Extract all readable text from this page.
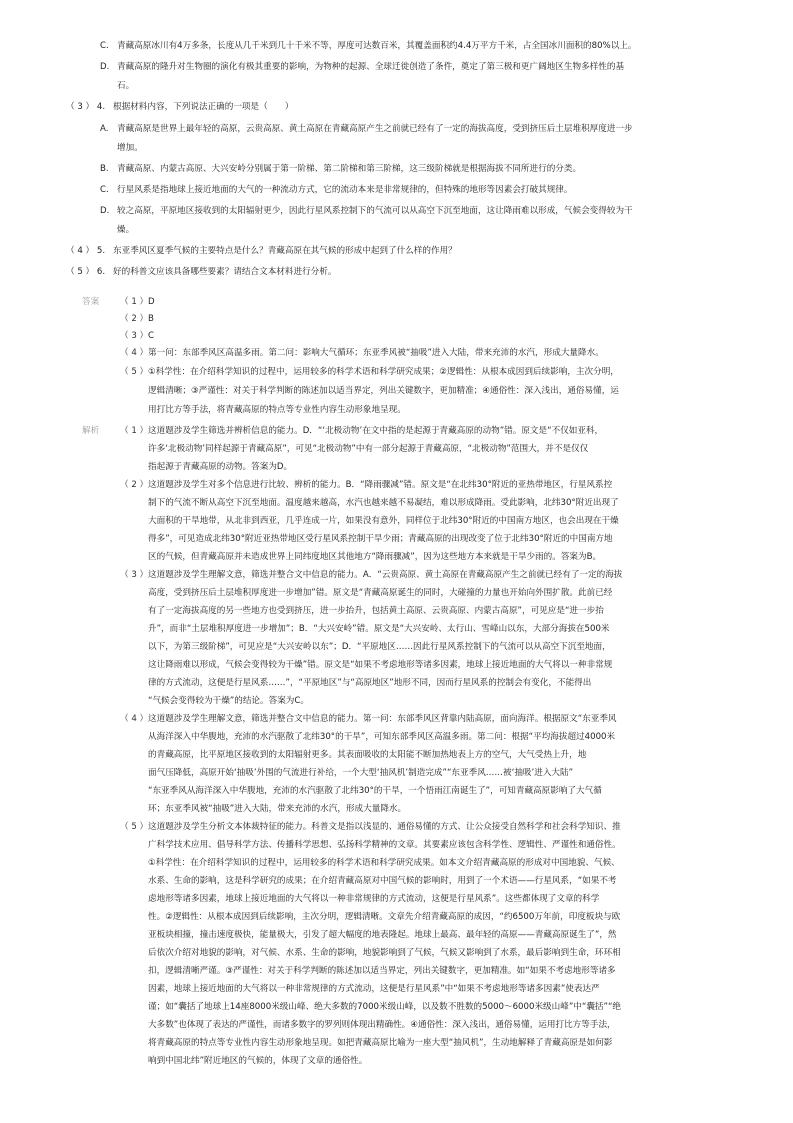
C. 青藏高原冰川有4万多条，长度从几千米到几十千米不等，厚度可达数百米，其覆盖面积约4.4万平方千米，占全国冰川面积的80%以上。
D. 青藏高原的隆升对生物圈的演化有极其重要的影响，为物种的起源、全球迁徙创造了条件，奠定了第三极和更广阔地区生物多样性的基
石。
（ 3 ） 4. 根据材料内容，下列说法正确的一项是（　　）
A. 青藏高原是世界上最年轻的高原，云贵高原、黄土高原在青藏高原产生之前就已经有了一定的海拔高度，受到挤压后土层堆积厚度进一步
增加。
B. 青藏高原、内蒙古高原、大兴安岭分别属于第一阶梯、第二阶梯和第三阶梯，这三级阶梯就是根据海拔不同所进行的分类。
C. 行星风系是指地球上接近地面的大气的一种流动方式，它的流动本来是非常规律的，但特殊的地形等因素会打破其规律。
D. 较之高原，平原地区接收到的太阳辐射更少，因此行星风系控制下的气流可以从高空下沉至地面，这让降雨难以形成，气候会变得较为干
燥。
（ 4 ） 5. 东亚季风区夏季气候的主要特点是什么？青藏高原在其气候的形成中起到了什么样的作用？
（ 5 ） 6. 好的科普文应该具备哪些要素？请结合文本材料进行分析。
答案 （ 1 ） D
（ 2 ） B
（ 3 ） C
（ 4 ） 第一问：东部季风区高温多雨。第二问：影响大气循环；东亚季风被“抽吸”进入大陆，带来充沛的水汽，形成大量降水。
（ 5 ） ①科学性：在介绍科学知识的过程中，运用较多的科学术语和科学研究成果；②逻辑性：从根本成因到后续影响，主次分明，
逻辑清晰；③严谨性：对关于科学判断的陈述加以适当界定，列出关键数字，更加精准；④通俗性：深入浅出，通俗易懂，运
用打比方等手法，将青藏高原的特点等专业性内容生动形象地呈现。
解析 （ 1 ） 这道题涉及学生筛选并辨析信息的能力。D．“‘北极动物’在文中指的是起源于青藏高原的动物”错。原文是“不仅如亚科，
许多‘北极动物’同样起源于青藏高原”，可见“北极动物”中有一部分起源于青藏高原，“北极动物”范围大，并不是仅仅
指起源于青藏高原的动物。答案为D。
（ 2 ） 这道题涉及学生对多个信息进行比较、辨析的能力。B．“降雨骤减”错。原文是“在北纬30°附近的亚热带地区，行星风系控
制下的气流不断从高空下沉至地面。温度越来越高，水汽也越来越不易凝结，难以形成降雨。受此影响，北纬30°附近出现了
大面积的干旱地带，从北非到西亚，几乎连成一片，如果没有意外，同样位于北纬30°附近的中国南方地区，也会出现在干燥
得多”，可见造成北纬30°附近亚热带地区受行星风系控制干旱少雨；青藏高原的出现改变了位于北纬30°附近的中国南方地
区的气候，但青藏高原并未造成世界上同纬度地区其他地方“降雨骤减”，因为这些地方本来就是干旱少雨的。答案为B。
（ 3 ） 这道题涉及学生理解文意，筛选并整合文中信息的能力。A．“云贵高原、黄土高原在青藏高原产生之前就已经有了一定的海拔
高度，受到挤压后土层堆积厚度进一步增加”错。原文是“青藏高原诞生的同时，大碰撞的力量也开始向外围扩散。此前已经
有了一定海拔高度的另一些地方也受到挤压，进一步抬升，包括黄土高原、云贵高原、内蒙古高原”，可见应是“进一步抬
升”，而非“土层堆积厚度进一步增加”；B．“大兴安岭”错。原文是“大兴安岭、太行山、雪峰山以东，大部分海拔在500米
以下，为第三级阶梯”，可见应是“大兴安岭以东”；D．“平原地区……因此行星风系控制下的气流可以从高空下沉至地面，
这让降雨难以形成，气候会变得较为干燥”错。原文是“如果不考虑地形等诸多因素，地球上接近地面的大气将以一种非常规
律的方式流动，这便是行星风系……”，“平原地区”与“高原地区”地形不同，因而行星风系的控制会有变化，不能得出
“气候会变得较为干燥”的结论。答案为C。
（ 4 ） 这道题涉及学生理解文意，筛选并整合文中信息的能力。第一问：东部季风区背靠内陆高原，面向海洋。根据原文“东亚季风
从海洋深入中华腹地，充沛的水汽驱散了北纬30°的干旱”，可知东部季风区高温多雨。第二问：根据“平均海拔超过4000米
的青藏高原，比平原地区接收到的太阳辐射更多。其表面吸收的太阳能不断加热地表上方的空气，大气受热上升，地
面气压降低，高原开始‘抽吸’外围的气流进行补给，一个大型‘抽风机’制造完成”“东亚季风……被‘抽吸’进入大陆”
“东亚季风从海洋深入中华腹地，充沛的水汽驱散了北纬30°的干旱，一个悟雨江南诞生了”，可知青藏高原影响了大气循
环；东亚季风被“抽吸”进入大陆，带来充沛的水汽，形成大量降水。
（ 5 ） 这道题涉及学生分析文本体裁特征的能力。科普文是指以浅显的、通俗易懂的方式、让公众接受自然科学和社会科学知识、推
广科学技术应用、倡导科学方法、传播科学思想、弘扬科学精神的文章。其要素应该包含科学性、逻辑性、严谨性和通俗性。
①科学性：在介绍科学知识的过程中，运用较多的科学术语和科学研究成果。如本文介绍青藏高原的形成对中国地貌、气候、
水系、生命的影响，这是科学研究的成果；在介绍青藏高原对中国气候的影响时，用到了一个术语——行星风系，“如果不考
虑地形等诸多因素，地球上接近地面的大气将以一种非常规律的方式流动，这便是行星风系”。这些都体现了文章的科学
性。②逻辑性：从根本成因到后续影响，主次分明，逻辑清晰。文章先介绍青藏高原的成因，“约6500万年前，印度板块与欧
亚板块相撞，撞击速度极快，能量极大，引发了超大幅度的地表隆起。地球上最高、最年轻的高原——青藏高原诞生了”，然
后依次介绍对地貌的影响，对气候、水系、生命的影响，地貌影响到了气候，气候又影响到了水系，最后影响到生命，环环相
扣，逻辑清晰严谨。③严谨性：对关于科学判断的陈述加以适当界定，列出关键数字，更加精准。如“如果不考虑地形等诸多
因素，地球上接近地面的大气将以一种非常规律的方式流动，这便是行星风系”中“如果不考虑地形等诸多因素”使表达严
谨；如“囊括了地球上14座8000米级山峰、绝大多数的7000米级山峰，以及数不胜数的5000～6000米级山峰”中“囊括”“绝
大多数”也体现了表达的严谨性，而诸多数字的罗列则体现出精确性。④通俗性：深入浅出，通俗易懂，运用打比方等手法，
将青藏高原的特点等专业性内容生动形象地呈现。如把青藏高原比喻为一座大型“抽风机”，生动地解释了青藏高原是如何影
响到中国北纬”附近地区的气候的，体现了文章的通俗性。
